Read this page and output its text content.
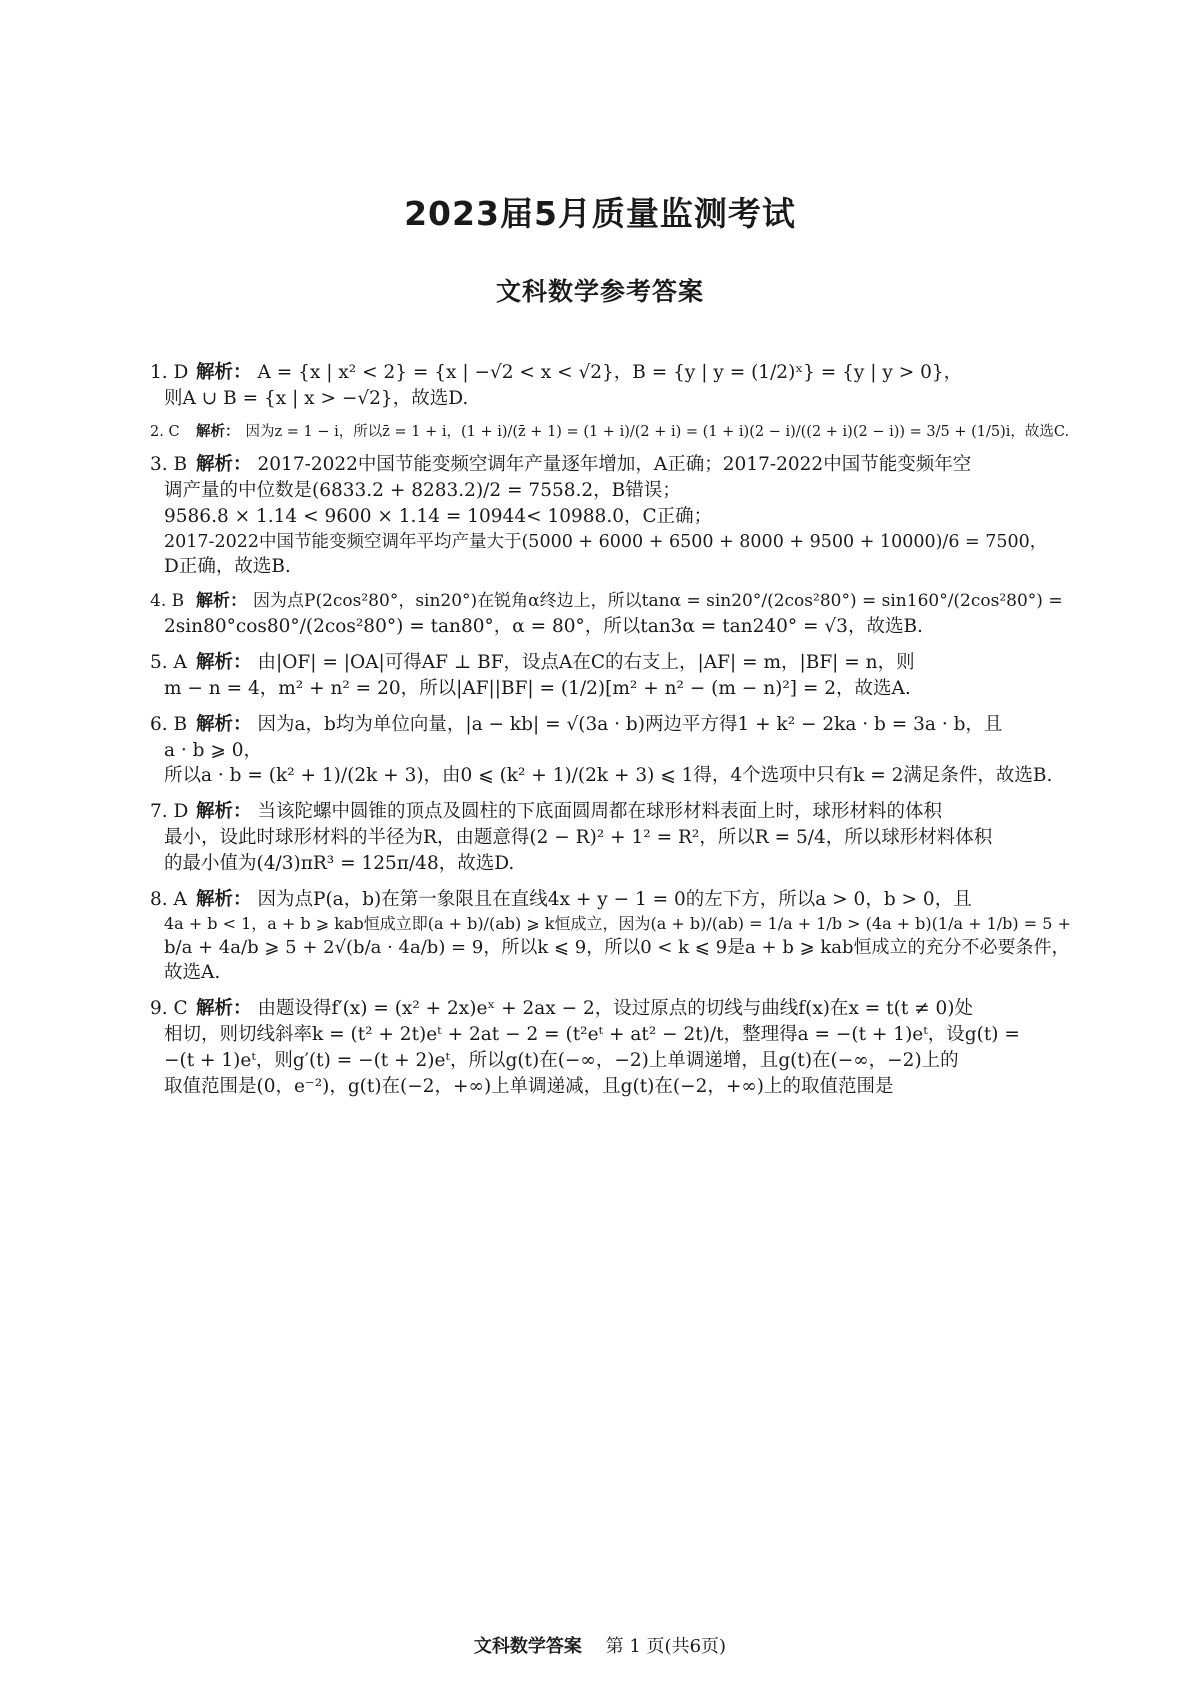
2023届5月质量监测考试
文科数学参考答案
1. D 解析： A = {x | x² < 2} = {x | −√2 < x < √2}，B = {y | y = (1/2)ˣ} = {y | y > 0}，
则A ∪ B = {x | x > −√2}，故选D.
2. C	解析： 因为z = 1 − i，所以z̄ = 1 + i，(1 + i)/(z̄ + 1) = (1 + i)/(2 + i) = (1 + i)(2 − i)/((2 + i)(2 − i)) = 3/5 + (1/5)i，故选C.
3. B 解析： 2017-2022中国节能变频空调年产量逐年增加，A正确；2017-2022中国节能变频年空
调产量的中位数是(6833.2 + 8283.2)/2 = 7558.2，B错误；
9586.8 × 1.14 < 9600 × 1.14 = 10944< 10988.0，C正确；
2017-2022中国节能变频空调年平均产量大于(5000 + 6000 + 6500 + 8000 + 9500 + 10000)/6 = 7500，
D正确，故选B.
4. B 解析： 因为点P(2cos²80°，sin20°)在锐角α终边上，所以tanα = sin20°/(2cos²80°) = sin160°/(2cos²80°) =
2sin80°cos80°/(2cos²80°) = tan80°，α = 80°，所以tan3α = tan240° = √3，故选B.
5. A 解析： 由|OF| = |OA|可得AF ⊥ BF，设点A在C的右支上，|AF| = m，|BF| = n，则
m − n = 4，m² + n² = 20，所以|AF||BF| = (1/2)[m² + n² − (m − n)²] = 2，故选A.
6. B 解析： 因为a，b均为单位向量，|a − kb| = √(3a · b)两边平方得1 + k² − 2ka · b = 3a · b，且
a · b ⩾ 0，
所以a · b = (k² + 1)/(2k + 3)，由0 ⩽ (k² + 1)/(2k + 3) ⩽ 1得，4个选项中只有k = 2满足条件，故选B.
7. D 解析： 当该陀螺中圆锥的顶点及圆柱的下底面圆周都在球形材料表面上时，球形材料的体积
最小，设此时球形材料的半径为R，由题意得(2 − R)² + 1² = R²，所以R = 5/4，所以球形材料体积
的最小值为(4/3)πR³ = 125π/48，故选D.
8. A 解析： 因为点P(a，b)在第一象限且在直线4x + y − 1 = 0的左下方，所以a > 0，b > 0，且
4a + b < 1，a + b ⩾ kab恒成立即(a + b)/(ab) ⩾ k恒成立，因为(a + b)/(ab) = 1/a + 1/b > (4a + b)(1/a + 1/b) = 5 +
b/a + 4a/b ⩾ 5 + 2√(b/a · 4a/b) = 9，所以k ⩽ 9，所以0 < k ⩽ 9是a + b ⩾ kab恒成立的充分不必要条件，
故选A.
9. C 解析： 由题设得f′(x) = (x² + 2x)eˣ + 2ax − 2，设过原点的切线与曲线f(x)在x = t(t ≠ 0)处
相切，则切线斜率k = (t² + 2t)eᵗ + 2at − 2 = (t²eᵗ + at² − 2t)/t，整理得a = −(t + 1)eᵗ，设g(t) =
−(t + 1)eᵗ，则g′(t) = −(t + 2)eᵗ，所以g(t)在(−∞，−2)上单调递增，且g(t)在(−∞，−2)上的
取值范围是(0，e⁻²)，g(t)在(−2，+∞)上单调递减，且g(t)在(−2，+∞)上的取值范围是
文科数学答案 第 1 页(共6页)
